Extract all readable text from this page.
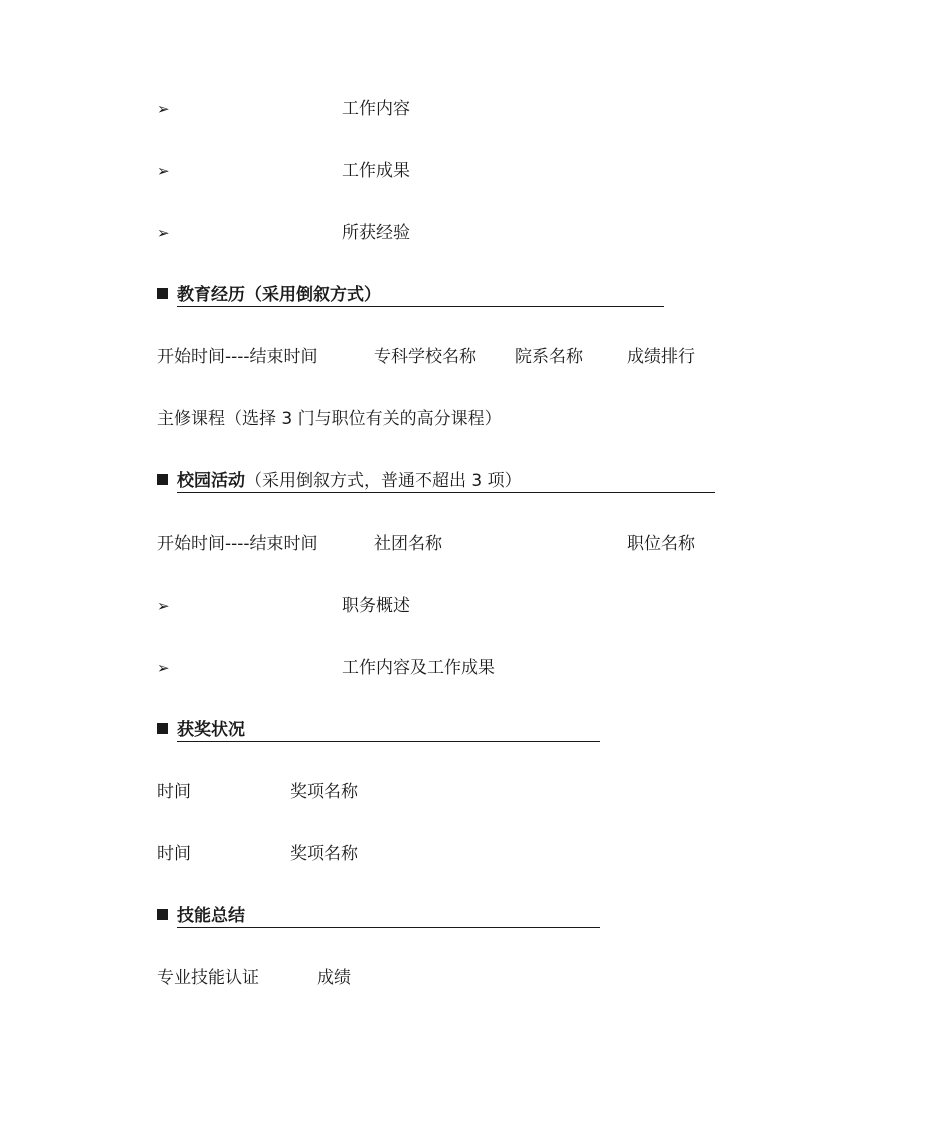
➢	工作内容
➢	工作成果
➢	所获经验
教育经历（采用倒叙方式）
开始时间----结束时间	专科学校名称 院系名称	成绩排行
主修课程（选择 3 门与职位有关的高分课程）
校园活动（采用倒叙方式，普通不超出 3 项）
开始时间----结束时间	社团名称	职位名称
➢	职务概述
➢	工作内容及工作成果
获奖状况
时间	奖项名称
时间	奖项名称
技能总结
专业技能认证	成绩
